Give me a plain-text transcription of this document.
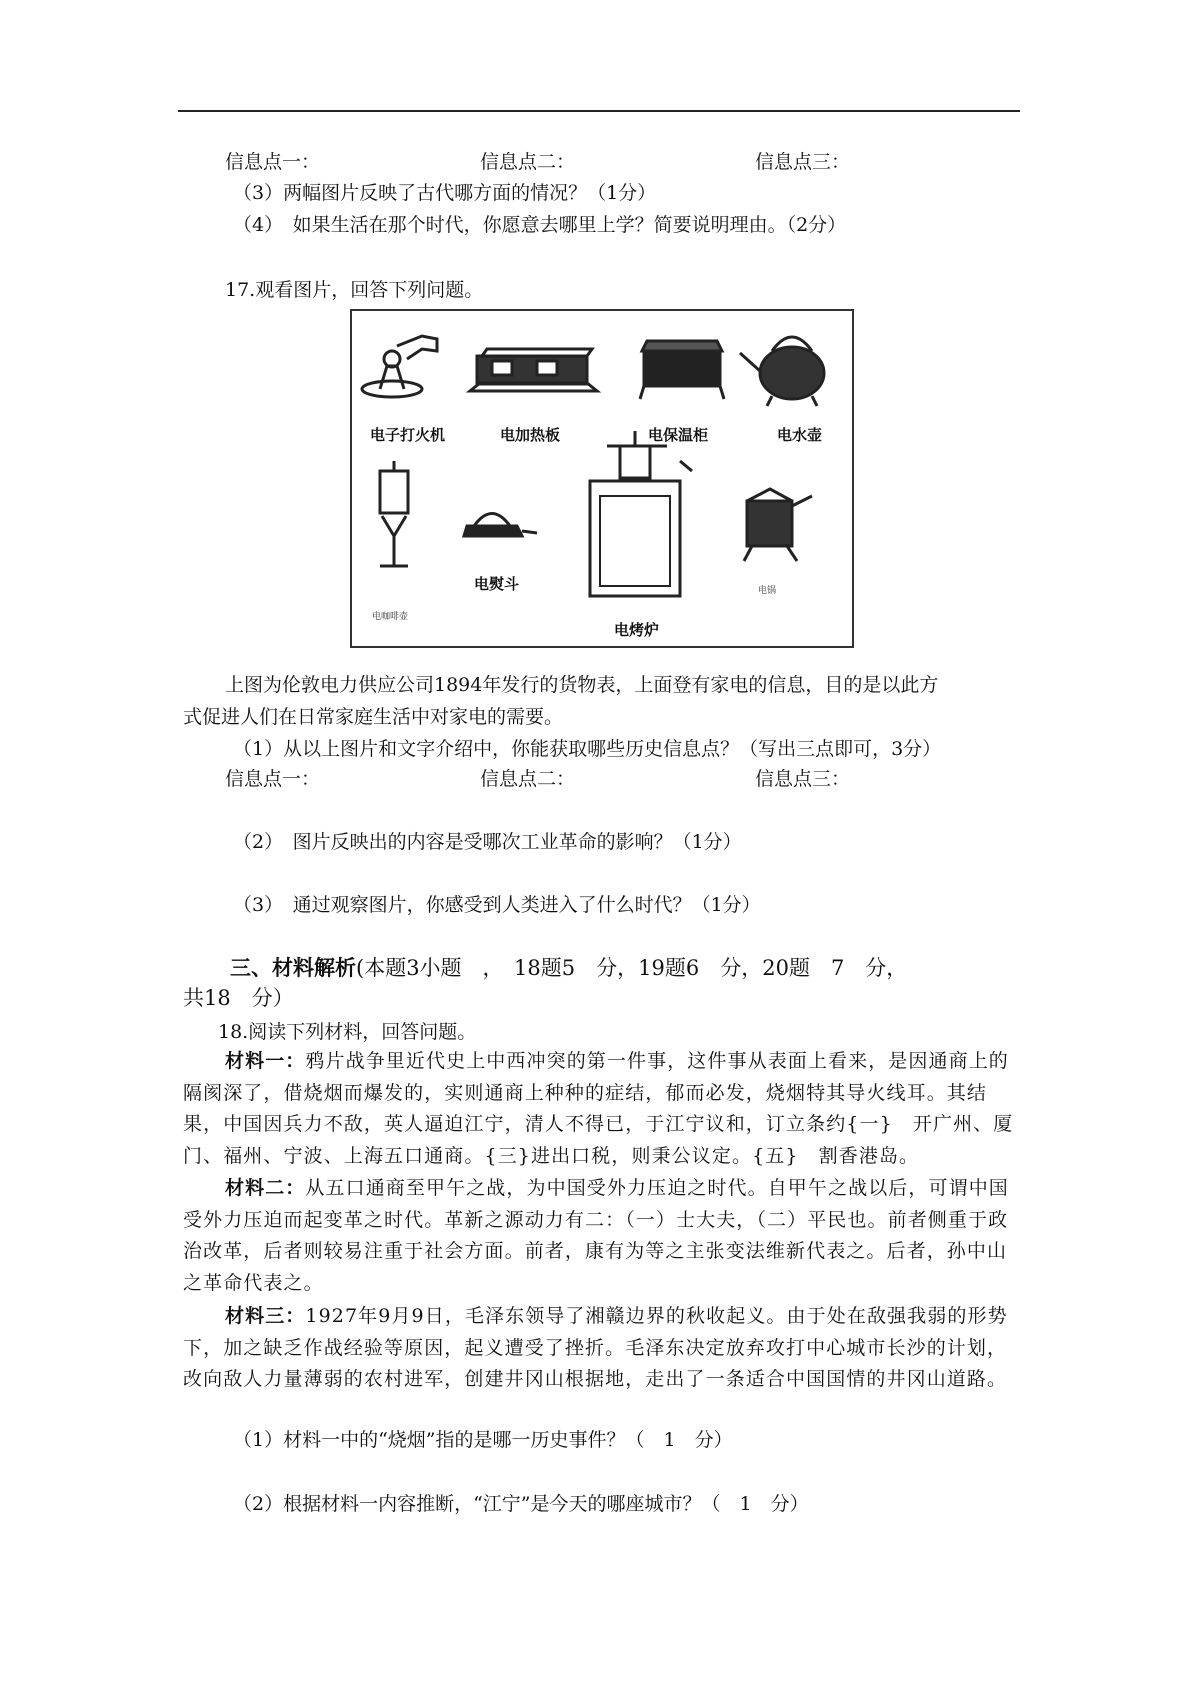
信息点一：	信息点二：	信息点三：
（3）两幅图片反映了古代哪方面的情况？（1分）
（4）　如果生活在那个时代，你愿意去哪里上学？简要说明理由。（2分）
17.观看图片，回答下列问题。
电子打火机	电加热板	电保温柜	电水壶
电咖啡壶
电熨斗
电烤炉
电锅
上图为伦敦电力供应公司1894年发行的货物表，上面登有家电的信息，目的是以此方
式促进人们在日常家庭生活中对家电的需要。
（1）从以上图片和文字介绍中，你能获取哪些历史信息点？（写出三点即可，3分）
信息点一：	信息点二：	信息点三：
（2）　图片反映出的内容是受哪次工业革命的影响？（1分）
（3）　通过观察图片，你感受到人类进入了什么时代？（1分）
三、材料解析(本题3小题　，　18题5　分，19题6　分，20题　7　分，
共18　分）
18.阅读下列材料，回答问题。
材料一：鸦片战争里近代史上中西冲突的第一件事，这件事从表面上看来，是因通商上的隔阂深了，借烧烟而爆发的，实则通商上种种的症结，郁而必发，烧烟特其导火线耳。其结果，中国因兵力不敌，英人逼迫江宁，清人不得已，于江宁议和，订立条约{一}　开广州、厦门、福州、宁波、上海五口通商。{三}进出口税，则秉公议定。{五}　割香港岛。
材料二：从五口通商至甲午之战，为中国受外力压迫之时代。自甲午之战以后，可谓中国受外力压迫而起变革之时代。革新之源动力有二：（一）士大夫，（二）平民也。前者侧重于政治改革，后者则较易注重于社会方面。前者，康有为等之主张变法维新代表之。后者，孙中山之革命代表之。
材料三：1927年9月9日，毛泽东领导了湘赣边界的秋收起义。由于处在敌强我弱的形势下，加之缺乏作战经验等原因，起义遭受了挫折。毛泽东决定放弃攻打中心城市长沙的计划，改向敌人力量薄弱的农村进军，创建井冈山根据地，走出了一条适合中国国情的井冈山道路。
（1）材料一中的“烧烟”指的是哪一历史事件？（　1　分）
（2）根据材料一内容推断，“江宁”是今天的哪座城市？（　1　分）
